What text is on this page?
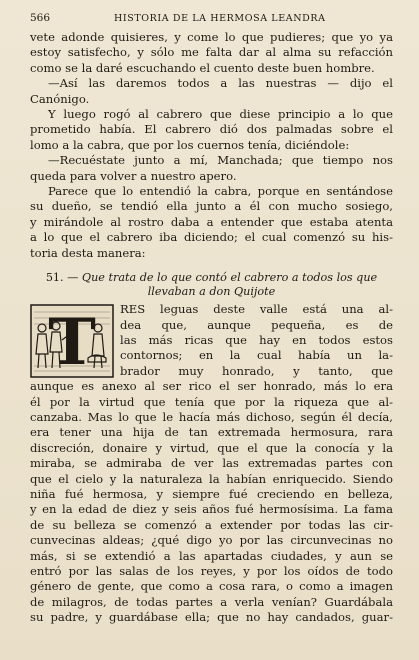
566	HISTORIA DE LA HERMOSA LEANDRA

vete adonde quisieres, y come lo que pudieres; que yo ya
estoy satisfecho, y sólo me falta dar al alma su refacción
como se la daré escuchando el cuento deste buen hombre.

—Así las daremos todos a las nuestras — dijo el
Canónigo.

Y luego rogó al cabrero que diese principio a lo que
prometido había. El cabrero dió dos palmadas sobre el
lomo a la cabra, que por los cuernos tenía, diciéndole:

—Recuéstate junto a mí, Manchada; que tiempo nos
queda para volver a nuestro apero.

Parece que lo entendió la cabra, porque en sentándose
su dueño, se tendió ella junto a él con mucho sosiego,
y mirándole al rostro daba a entender que estaba atenta
a lo que el cabrero iba diciendo; el cual comenzó su his-
toria desta manera:

51. — Que trata de lo que contó el cabrero a todos los que
llevaban a don Quijote
T	RES leguas deste valle está una al-
dea que, aunque pequeña, es de
las más ricas que hay en todos estos
contornos; en la cual había un la-
brador muy honrado, y tanto, que
aunque es anexo al ser rico el ser honrado, más lo era
él por la virtud que tenía que por la riqueza que al-
canzaba. Mas lo que le hacía más dichoso, según él decía,
era tener una hija de tan extremada hermosura, rara
discreción, donaire y virtud, que el que la conocía y la
miraba, se admiraba de ver las extremadas partes con
que el cielo y la naturaleza la habían enriquecido. Siendo
niña fué hermosa, y siempre fué creciendo en belleza,
y en la edad de diez y seis años fué hermosísima. La fama
de su belleza se comenzó a extender por todas las cir-
cunvecinas aldeas; ¿qué digo yo por las circunvecinas no
más, si se extendió a las apartadas ciudades, y aun se
entró por las salas de los reyes, y por los oídos de todo
género de gente, que como a cosa rara, o como a imagen
de milagros, de todas partes a verla venían? Guardábala
su padre, y guardábase ella; que no hay candados, guar-
